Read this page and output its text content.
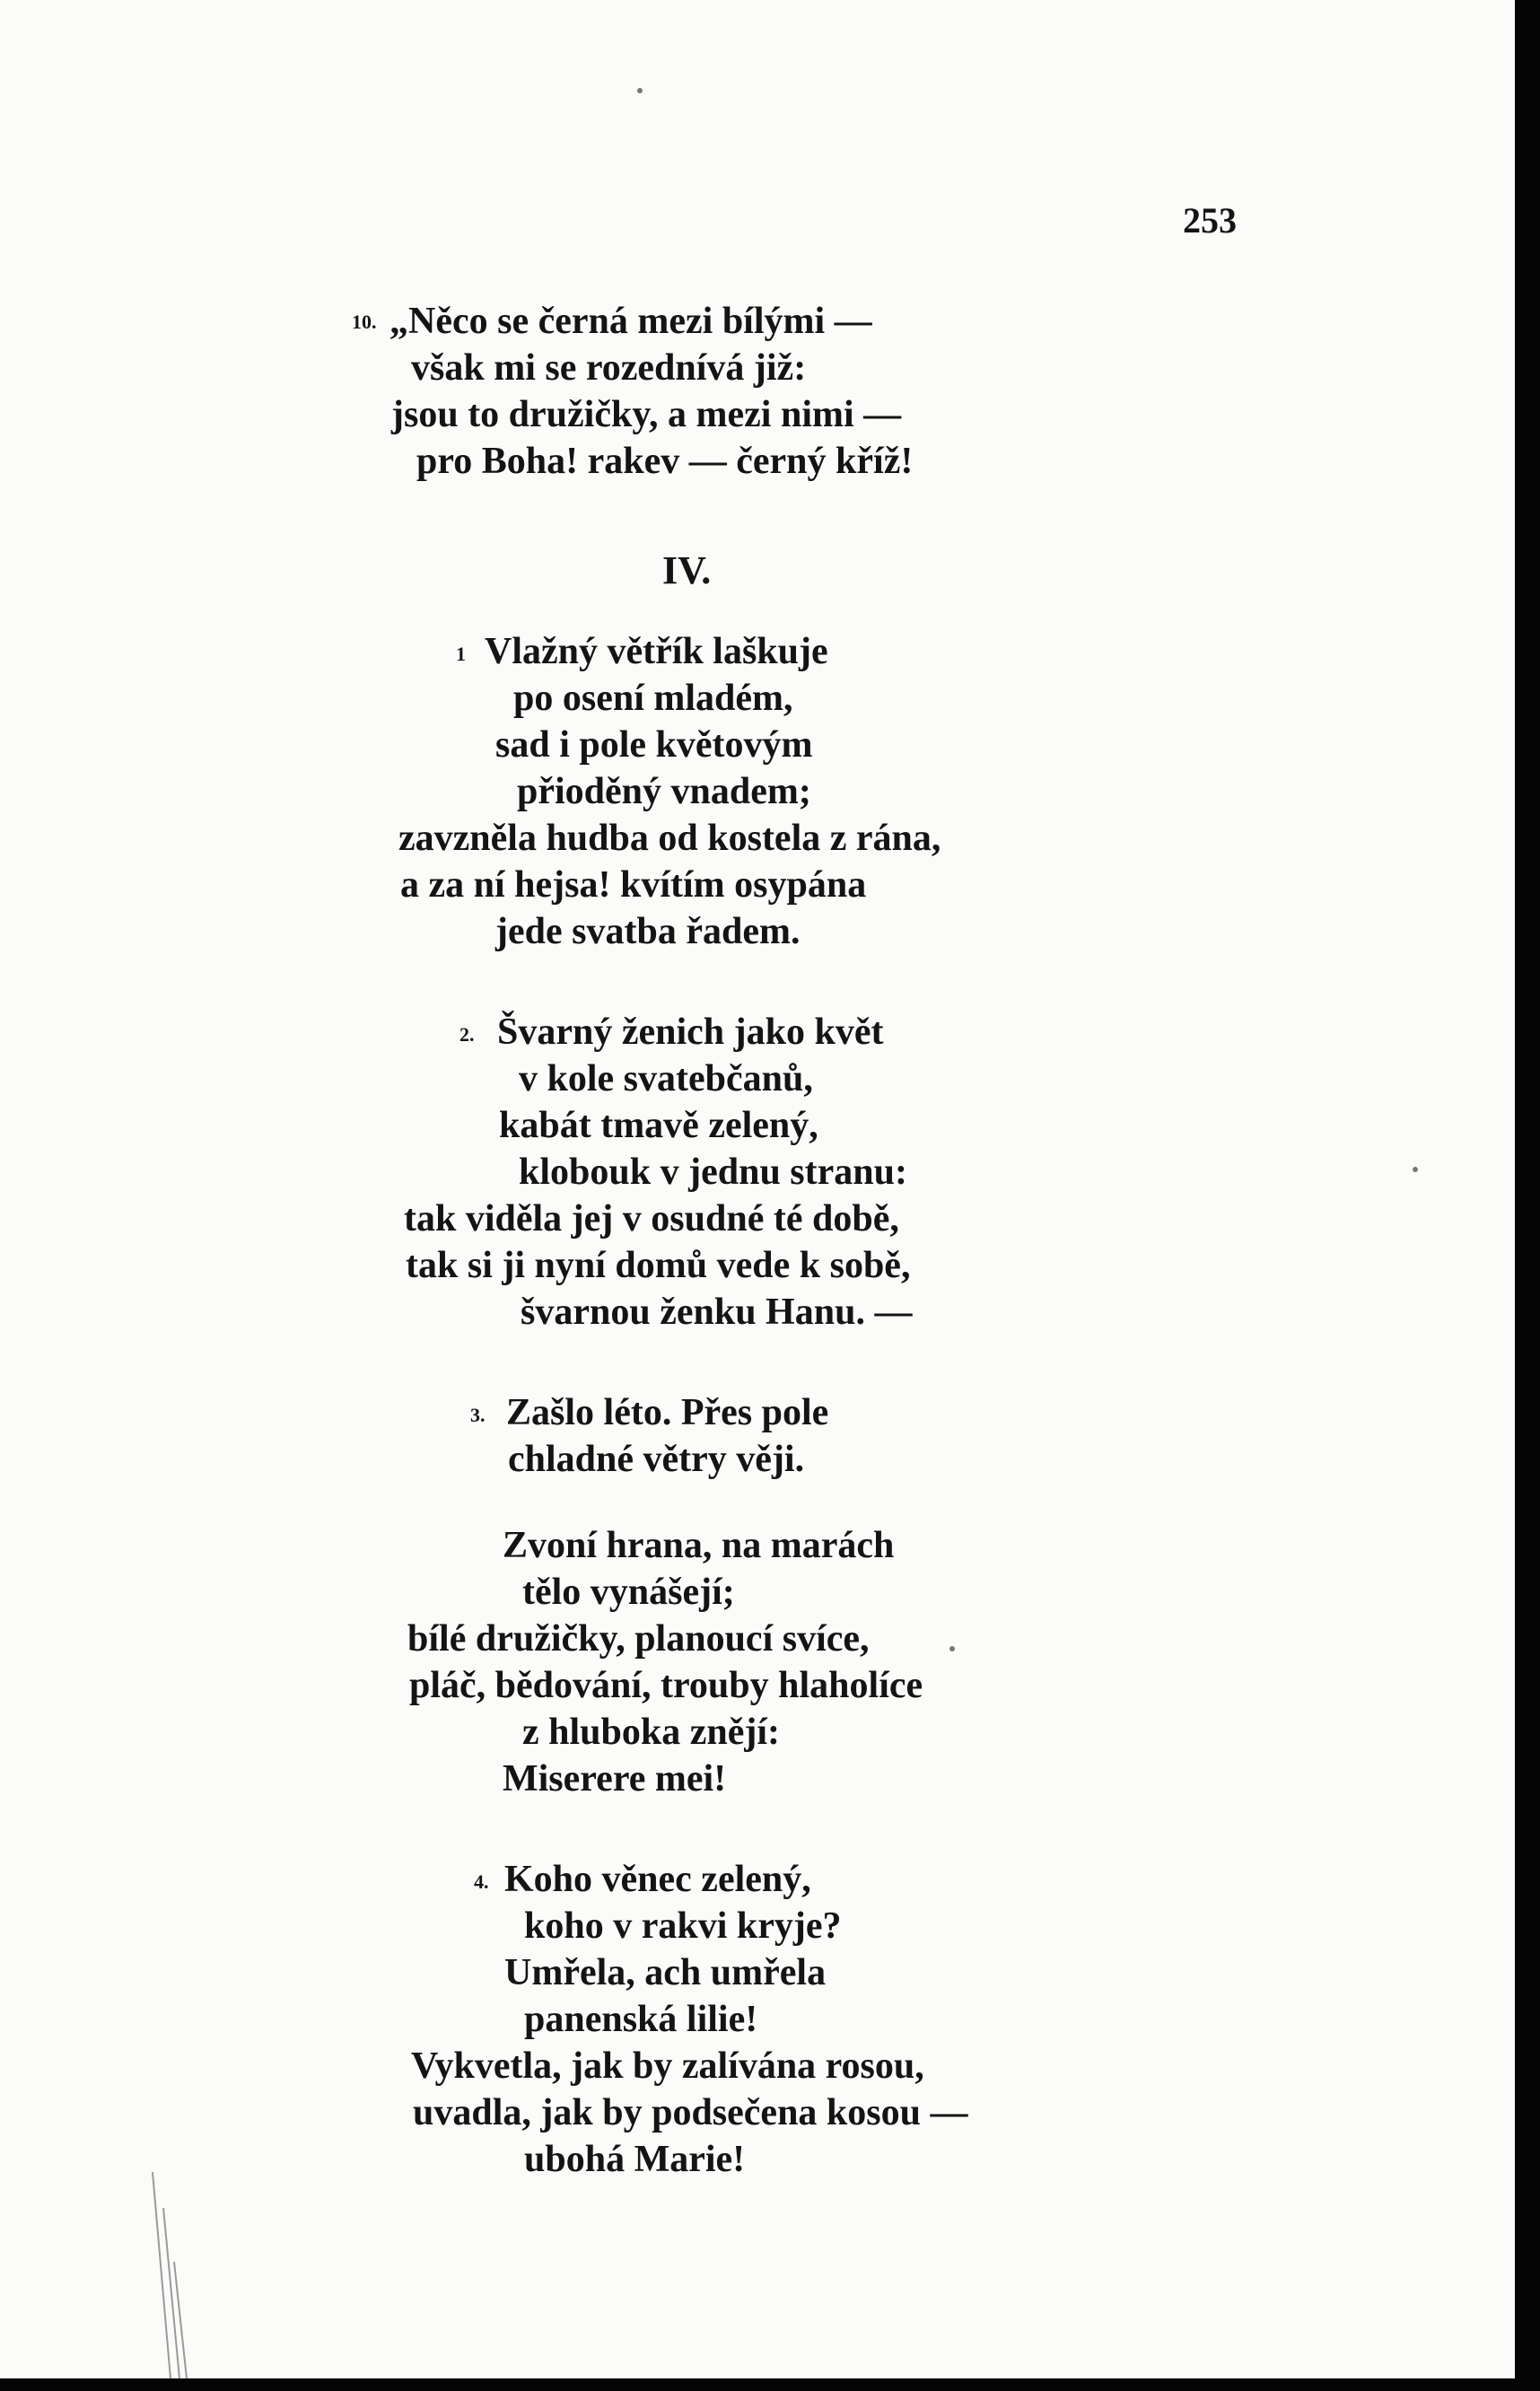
253
10. „Něco se černá mezi bílými —
však mi se rozednívá již:
jsou to družičky, a mezi nimi —
pro Boha! rakev — černý kříž!
IV.
1 Vlažný větřík laškuje
po osení mladém,
sad i pole květovým
přioděný vnadem;
zavzněla hudba od kostela z rána,
a za ní hejsa! kvítím osypána
jede svatba řadem.
2. Švarný ženich jako květ
v kole svatebčanů,
kabát tmavě zelený,
klobouk v jednu stranu:
tak viděla jej v osudné té době,
tak si ji nyní domů vede k sobě,
švarnou ženku Hanu. —
3. Zašlo léto. Přes pole
chladné větry věji.
Zvoní hrana, na marách
tělo vynášejí;
bílé družičky, planoucí svíce,
pláč, bědování, trouby hlaholíce
z hluboka znějí:
Miserere mei!
4. Koho věnec zelený,
koho v rakvi kryje?
Umřela, ach umřela
panenská lilie!
Vykvetla, jak by zalívána rosou,
uvadla, jak by podsečena kosou —
ubohá Marie!
